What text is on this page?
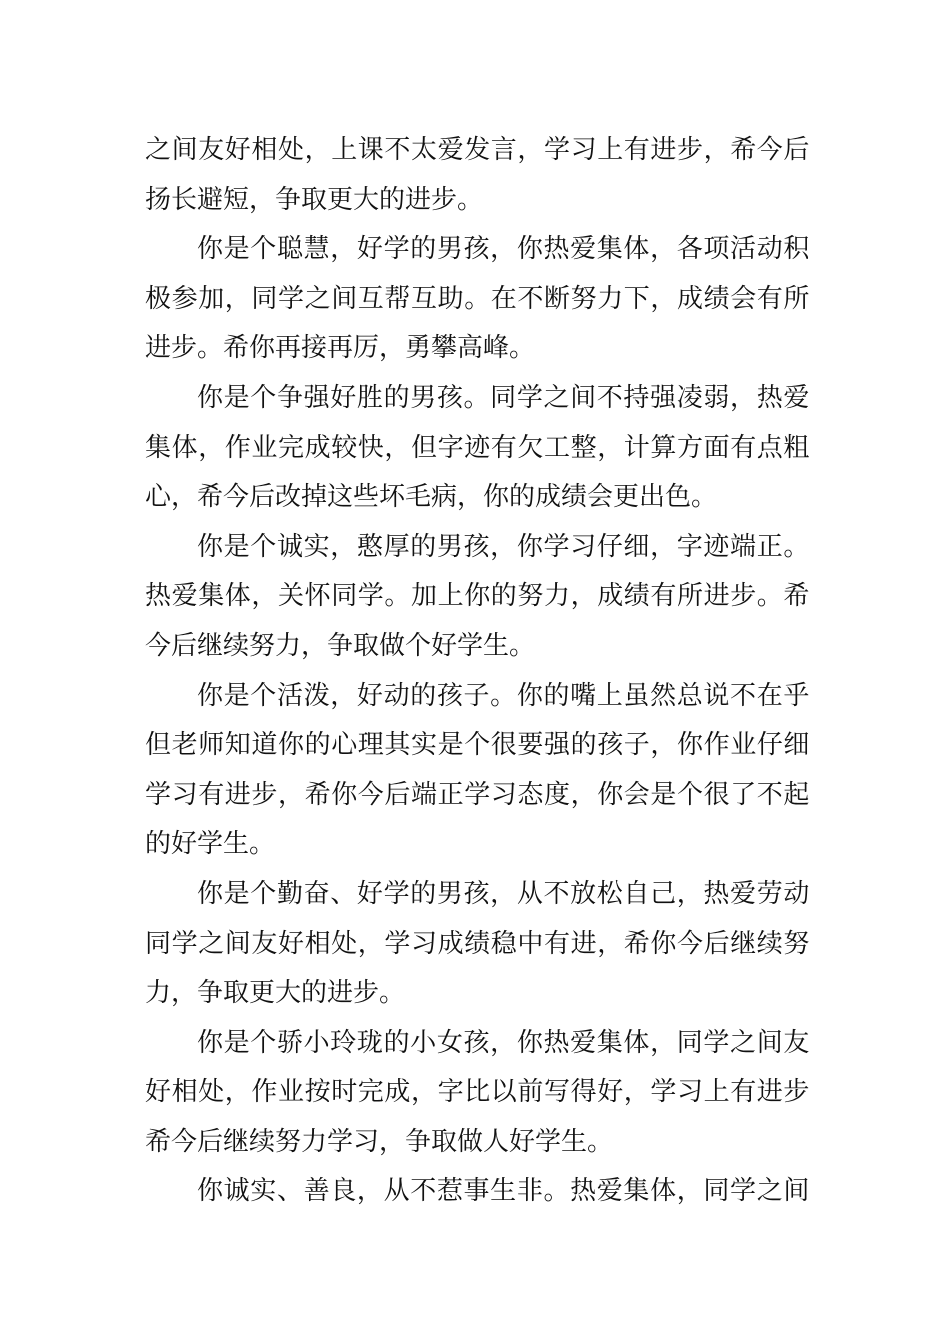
之间友好相处，上课不太爱发言，学习上有进步，希今后
扬长避短，争取更大的进步。
你是个聪慧，好学的男孩，你热爱集体，各项活动积
极参加，同学之间互帮互助。在不断努力下，成绩会有所
进步。希你再接再厉，勇攀高峰。
你是个争强好胜的男孩。同学之间不持强凌弱，热爱
集体，作业完成较快，但字迹有欠工整，计算方面有点粗
心，希今后改掉这些坏毛病，你的成绩会更出色。
你是个诚实，憨厚的男孩，你学习仔细，字迹端正。
热爱集体，关怀同学。加上你的努力，成绩有所进步。希
今后继续努力，争取做个好学生。
你是个活泼，好动的孩子。你的嘴上虽然总说不在乎
但老师知道你的心理其实是个很要强的孩子，你作业仔细
学习有进步，希你今后端正学习态度，你会是个很了不起
的好学生。
你是个勤奋、好学的男孩，从不放松自己，热爱劳动
同学之间友好相处，学习成绩稳中有进，希你今后继续努
力，争取更大的进步。
你是个骄小玲珑的小女孩，你热爱集体，同学之间友
好相处，作业按时完成，字比以前写得好，学习上有进步
希今后继续努力学习，争取做人好学生。
你诚实、善良，从不惹事生非。热爱集体，同学之间
